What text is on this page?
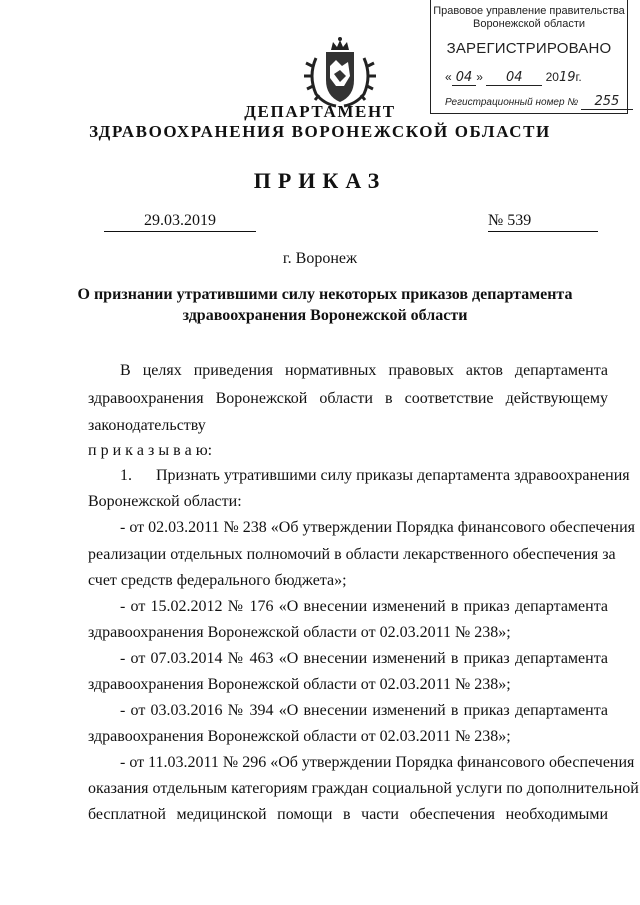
Правовое управление правительства
Воронежской области
ЗАРЕГИСТРИРОВАНО
« 04 » 04 2019г.
Регистрационный номер № 255
ДЕПАРТАМЕНТ
ЗДРАВООХРАНЕНИЯ ВОРОНЕЖСКОЙ ОБЛАСТИ
ПРИКАЗ
29.03.2019	№ 539
г. Воронеж
О признании утратившими силу некоторых приказов департамента
здравоохранения Воронежской области
В целях приведения нормативных правовых актов департамента
здравоохранения Воронежской области в соответствие действующему
законодательству
п р и к а з ы в а ю:
1.      Признать утратившими силу приказы департамента здравоохранения
Воронежской области:
- от 02.03.2011 № 238 «Об утверждении Порядка финансового обеспечения
реализации отдельных полномочий в области лекарственного обеспечения за
счет средств федерального бюджета»;
- от 15.02.2012 № 176 «О внесении изменений в приказ департамента
здравоохранения Воронежской области от 02.03.2011 № 238»;
- от 07.03.2014 № 463 «О внесении изменений в приказ департамента
здравоохранения Воронежской области от 02.03.2011 № 238»;
- от 03.03.2016 № 394 «О внесении изменений в приказ департамента
здравоохранения Воронежской области от 02.03.2011 № 238»;
- от 11.03.2011 № 296 «Об утверждении Порядка финансового обеспечения
оказания отдельным категориям граждан социальной услуги по дополнительной
бесплатной медицинской помощи в части обеспечения необходимыми
